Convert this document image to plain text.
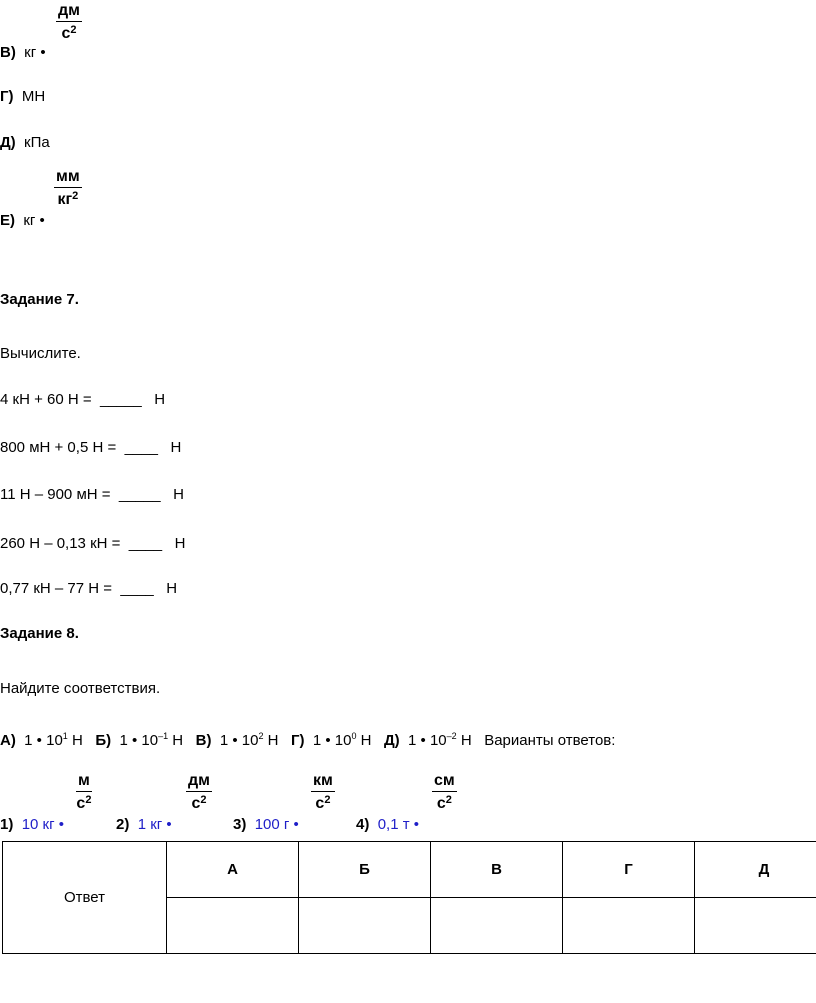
В) кг •
дм
$с^2$
Г) МН
Д) кПа
Е) кг •
мм
$кг^2$
Задание 7.
Вычислите.
4 кН + 60 Н = _____ Н
800 мН + 0,5 Н = ____ Н
11 Н – 900 мН = _____ Н
260 Н – 0,13 кН = ____ Н
0,77 кН – 77 Н = ____ Н
Задание 8.
Найдите соответствия.
А) 1 • $10^1$ Н Б) 1 • $10^{-1}$ Н В) 1 • $10^2$ Н Г) 1 • $10^0$ Н Д) 1 • $10^{-2}$ Н Варианты ответов:
1) 10 кг •
м
$с^2$
2) 1 кг •
дм
$с^2$
3) 100 г •
км
$с^2$
4) 0,1 т •
см
$с^2$
Ответ	А	Б	В	Г	Д
